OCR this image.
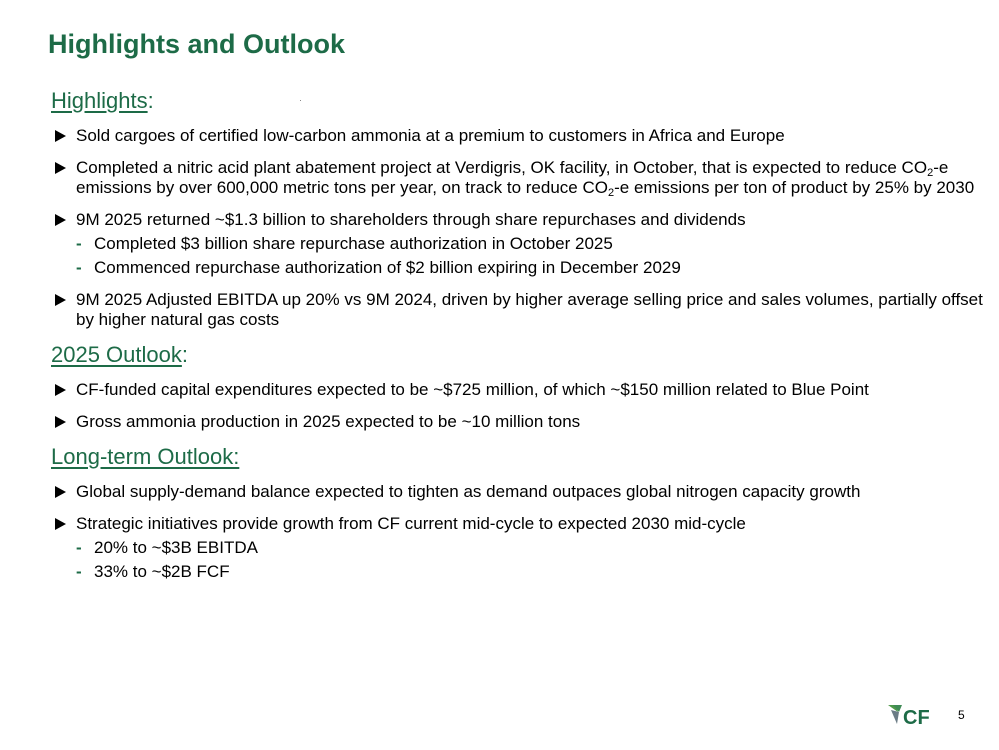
Highlights and Outlook
Highlights:
Sold cargoes of certified low-carbon ammonia at a premium to customers in Africa and Europe
Completed a nitric acid plant abatement project at Verdigris, OK facility, in October, that is expected to reduce $CO_2-e$ emissions by over 600,000 metric tons per year, on track to reduce $CO_2-e$ emissions per ton of product by 25% by 2030
9M 2025 returned ~$1.3 billion to shareholders through share repurchases and dividends
- Completed $3 billion share repurchase authorization in October 2025
- Commenced repurchase authorization of $2 billion expiring in December 2029
9M 2025 Adjusted EBITDA up 20% vs 9M 2024, driven by higher average selling price and sales volumes, partially offset by higher natural gas costs
2025 Outlook:
CF-funded capital expenditures expected to be ~$725 million, of which ~$150 million related to Blue Point
Gross ammonia production in 2025 expected to be ~10 million tons
Long-term Outlook:
Global supply-demand balance expected to tighten as demand outpaces global nitrogen capacity growth
Strategic initiatives provide growth from CF current mid-cycle to expected 2030 mid-cycle
- 20% to ~$3B EBITDA
- 33% to ~$2B FCF
CF 5
